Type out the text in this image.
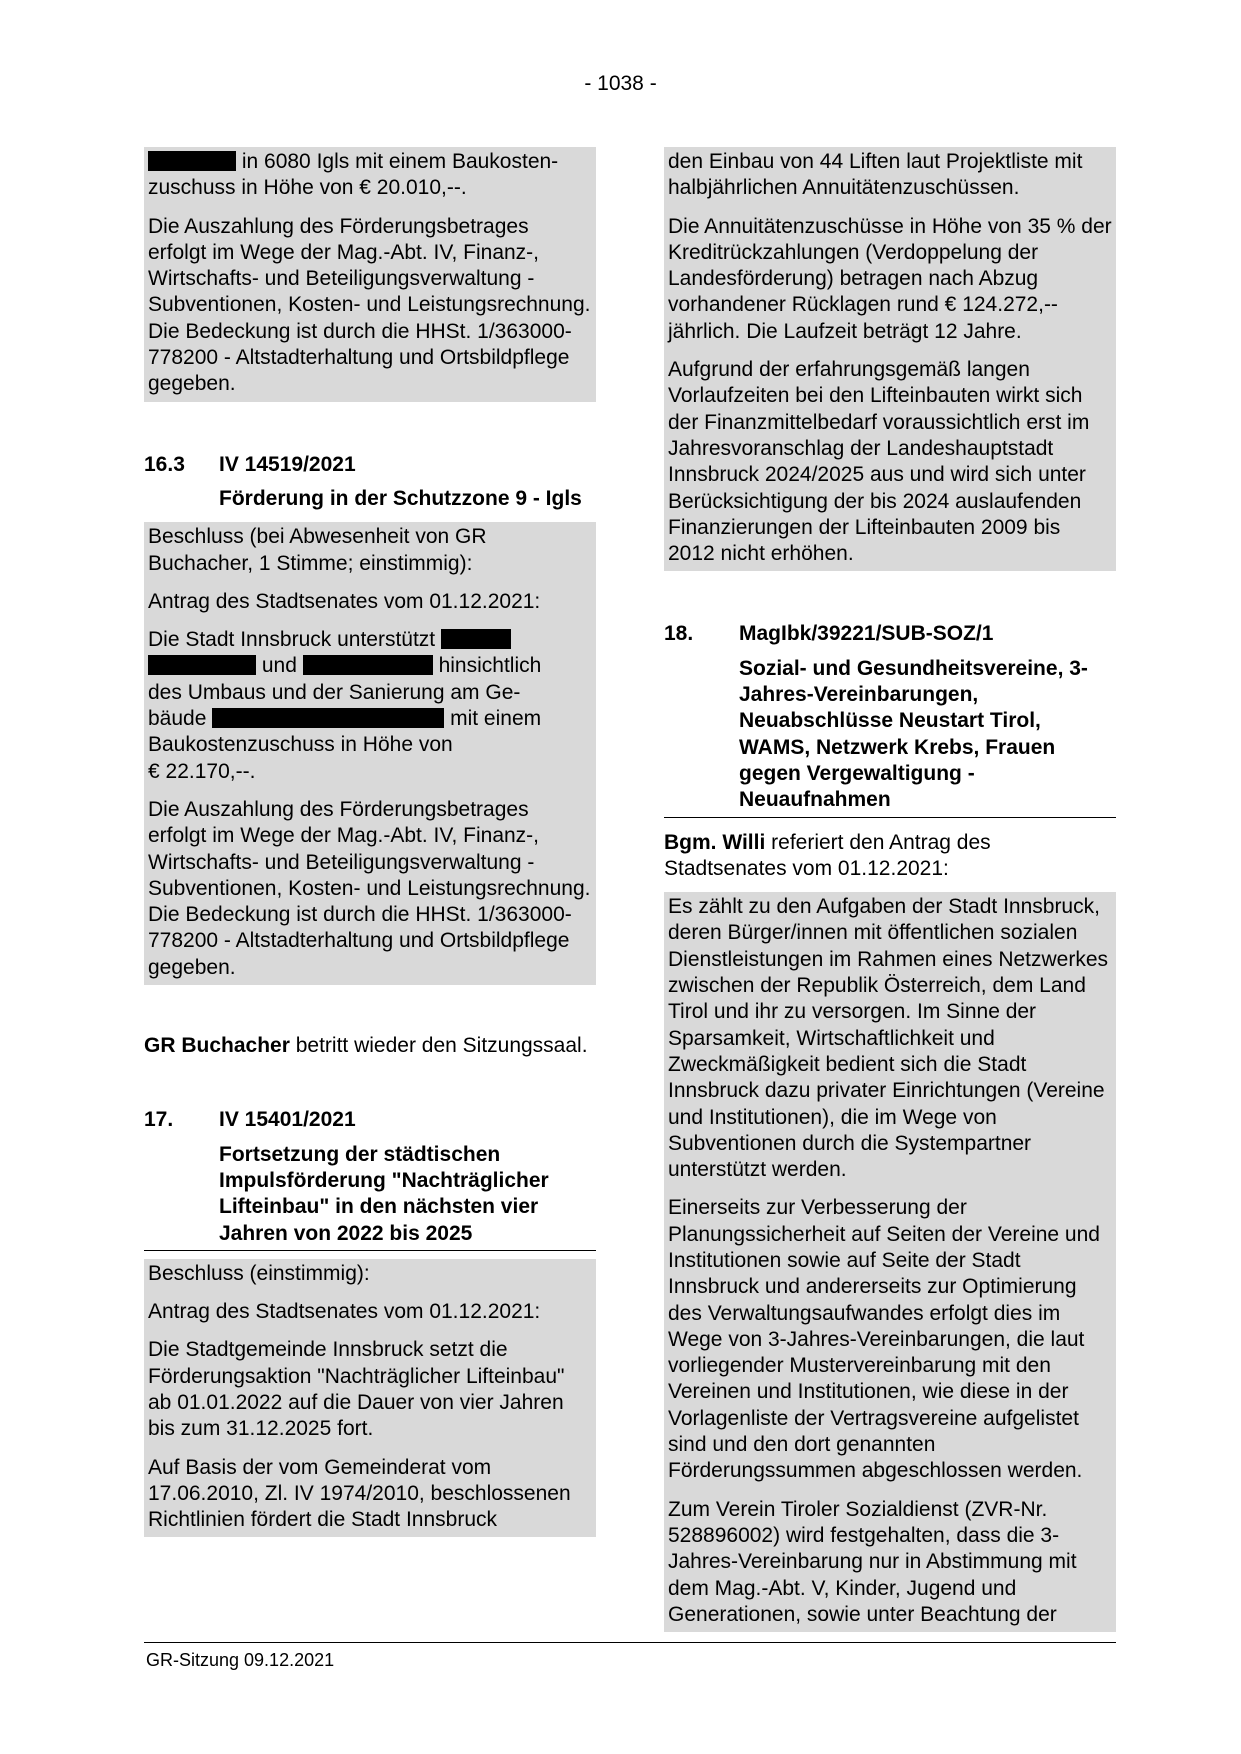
- 1038 -

in 6080 Igls mit einem Baukosten-
zuschuss in Höhe von € 20.010,--.

Die Auszahlung des Förderungsbetrages erfolgt im Wege der Mag.-Abt. IV, Finanz-, Wirtschafts- und Beteiligungsverwaltung - Subventionen, Kosten- und Leistungsrechnung. Die Bedeckung ist durch die HHSt. 1/363000-778200 - Altstadterhaltung und Ortsbildpflege gegeben.

16.3	IV 14519/2021
Förderung in der Schutzzone 9 - Igls

Beschluss (bei Abwesenheit von GR Buchacher, 1 Stimme; einstimmig):

Antrag des Stadtsenates vom 01.12.2021:

Die Stadt Innsbruck unterstützt
und	hinsichtlich
des Umbaus und der Sanierung am Ge-
bäude	mit einem
Baukostenzuschuss in Höhe von
€ 22.170,--.

Die Auszahlung des Förderungsbetrages erfolgt im Wege der Mag.-Abt. IV, Finanz-, Wirtschafts- und Beteiligungsverwaltung - Subventionen, Kosten- und Leistungsrechnung. Die Bedeckung ist durch die HHSt. 1/363000-778200 - Altstadterhaltung und Ortsbildpflege gegeben.

GR Buchacher betritt wieder den Sitzungssaal.

17.	IV 15401/2021
Fortsetzung der städtischen Impulsförderung "Nachträglicher Lifteinbau" in den nächsten vier Jahren von 2022 bis 2025

Beschluss (einstimmig):

Antrag des Stadtsenates vom 01.12.2021:

Die Stadtgemeinde Innsbruck setzt die Förderungsaktion "Nachträglicher Lifteinbau" ab 01.01.2022 auf die Dauer von vier Jahren bis zum 31.12.2025 fort.

Auf Basis der vom Gemeinderat vom 17.06.2010, Zl. IV 1974/2010, beschlossenen Richtlinien fördert die Stadt Innsbruck

den Einbau von 44 Liften laut Projektliste mit halbjährlichen Annuitätenzuschüssen.

Die Annuitätenzuschüsse in Höhe von 35 % der Kreditrückzahlungen (Verdoppelung der Landesförderung) betragen nach Abzug vorhandener Rücklagen rund € 124.272,-- jährlich. Die Laufzeit beträgt 12 Jahre.

Aufgrund der erfahrungsgemäß langen Vorlaufzeiten bei den Lifteinbauten wirkt sich der Finanzmittelbedarf voraussichtlich erst im Jahresvoranschlag der Landeshauptstadt Innsbruck 2024/2025 aus und wird sich unter Berücksichtigung der bis 2024 auslaufenden Finanzierungen der Lifteinbauten 2009 bis 2012 nicht erhöhen.

18.	MagIbk/39221/SUB-SOZ/1
Sozial- und Gesundheitsvereine, 3-Jahres-Vereinbarungen, Neuabschlüsse Neustart Tirol, WAMS, Netzwerk Krebs, Frauen gegen Vergewaltigung - Neuaufnahmen

Bgm. Willi referiert den Antrag des Stadtsenates vom 01.12.2021:

Es zählt zu den Aufgaben der Stadt Innsbruck, deren Bürger/innen mit öffentlichen sozialen Dienstleistungen im Rahmen eines Netzwerkes zwischen der Republik Österreich, dem Land Tirol und ihr zu versorgen. Im Sinne der Sparsamkeit, Wirtschaftlichkeit und Zweckmäßigkeit bedient sich die Stadt Innsbruck dazu privater Einrichtungen (Vereine und Institutionen), die im Wege von Subventionen durch die Systempartner unterstützt werden.

Einerseits zur Verbesserung der Planungssicherheit auf Seiten der Vereine und Institutionen sowie auf Seite der Stadt Innsbruck und andererseits zur Optimierung des Verwaltungsaufwandes erfolgt dies im Wege von 3-Jahres-Vereinbarungen, die laut vorliegender Mustervereinbarung mit den Vereinen und Institutionen, wie diese in der Vorlagenliste der Vertragsvereine aufgelistet sind und den dort genannten Förderungssummen abgeschlossen werden.

Zum Verein Tiroler Sozialdienst (ZVR-Nr. 528896002) wird festgehalten, dass die 3-Jahres-Vereinbarung nur in Abstimmung mit dem Mag.-Abt. V, Kinder, Jugend und Generationen, sowie unter Beachtung der

GR-Sitzung 09.12.2021
